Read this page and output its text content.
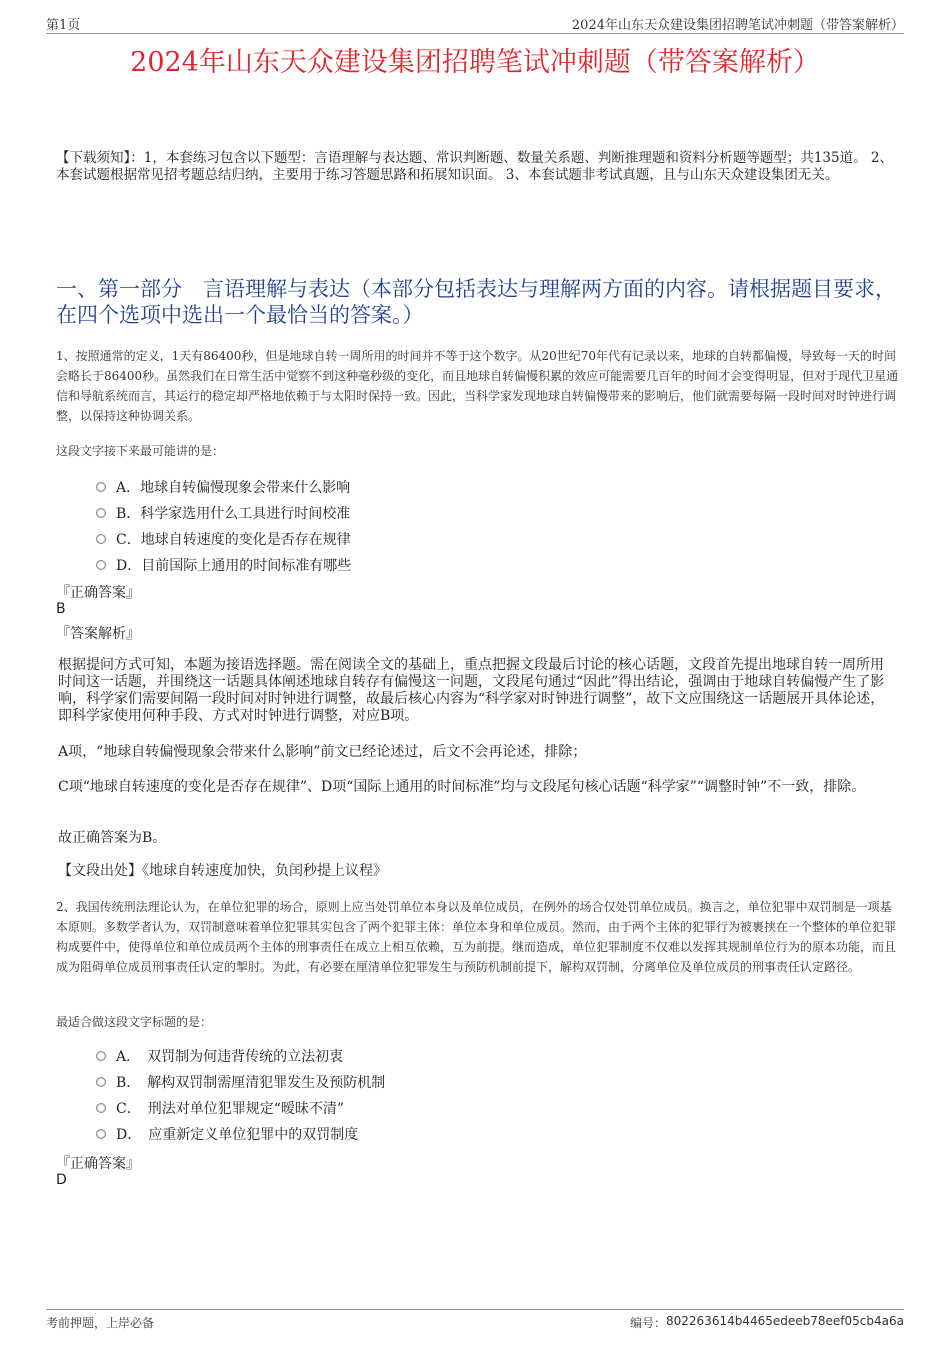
第1页	2024年山东天众建设集团招聘笔试冲刺题（带答案解析）
2024年山东天众建设集团招聘笔试冲刺题（带答案解析）
【下载须知】：1，本套练习包含以下题型：言语理解与表达题、常识判断题、数量关系题、判断推理题和资料分析题等题型；共135道。 2、本套试题根据常见招考题总结归纳，主要用于练习答题思路和拓展知识面。 3、本套试题非考试真题，且与山东天众建设集团无关。
一、第一部分　言语理解与表达（本部分包括表达与理解两方面的内容。请根据题目要求，在四个选项中选出一个最恰当的答案。）
1、按照通常的定义，1天有86400秒，但是地球自转一周所用的时间并不等于这个数字。从20世纪70年代有记录以来，地球的自转都偏慢，导致每一天的时间会略长于86400秒。虽然我们在日常生活中觉察不到这种毫秒级的变化，而且地球自转偏慢积累的效应可能需要几百年的时间才会变得明显，但对于现代卫星通信和导航系统而言，其运行的稳定却严格地依赖于与太阳时保持一致。因此，当科学家发现地球自转偏慢带来的影响后，他们就需要每隔一段时间对时钟进行调整，以保持这种协调关系。
这段文字接下来最可能讲的是：
A．地球自转偏慢现象会带来什么影响
B．科学家选用什么工具进行时间校准
C．地球自转速度的变化是否存在规律
D．目前国际上通用的时间标准有哪些
『正确答案』
B
『答案解析』
根据提问方式可知，本题为接语选择题。需在阅读全文的基础上，重点把握文段最后讨论的核心话题，文段首先提出地球自转一周所用时间这一话题，并围绕这一话题具体阐述地球自转存有偏慢这一问题，文段尾句通过“因此”得出结论，强调由于地球自转偏慢产生了影响，科学家们需要间隔一段时间对时钟进行调整，故最后核心内容为“科学家对时钟进行调整”，故下文应围绕这一话题展开具体论述，即科学家使用何种手段、方式对时钟进行调整，对应B项。
A项，“地球自转偏慢现象会带来什么影响”前文已经论述过，后文不会再论述，排除；
C项“地球自转速度的变化是否存在规律”、D项“国际上通用的时间标准”均与文段尾句核心话题“科学家”“调整时钟”不一致，排除。
故正确答案为B。
【文段出处】《地球自转速度加快，负闰秒提上议程》
2、我国传统刑法理论认为，在单位犯罪的场合，原则上应当处罚单位本身以及单位成员，在例外的场合仅处罚单位成员。换言之，单位犯罪中双罚制是一项基本原则。多数学者认为，双罚制意味着单位犯罪其实包含了两个犯罪主体：单位本身和单位成员。然而，由于两个主体的犯罪行为被裹挟在一个整体的单位犯罪构成要件中，使得单位和单位成员两个主体的刑事责任在成立上相互依赖，互为前提。继而造成，单位犯罪制度不仅难以发挥其规制单位行为的原本功能，而且成为阻碍单位成员刑事责任认定的掣肘。为此，有必要在厘清单位犯罪发生与预防机制前提下，解构双罚制，分离单位及单位成员的刑事责任认定路径。
最适合做这段文字标题的是：
A．　双罚制为何违背传统的立法初衷
B．　解构双罚制需厘清犯罪发生及预防机制
C．　刑法对单位犯罪规定“暧昧不清”
D．　应重新定义单位犯罪中的双罚制度
『正确答案』
D
考前押题，上岸必备	编号： 802263614b4465edeeb78eef05cb4a6a
